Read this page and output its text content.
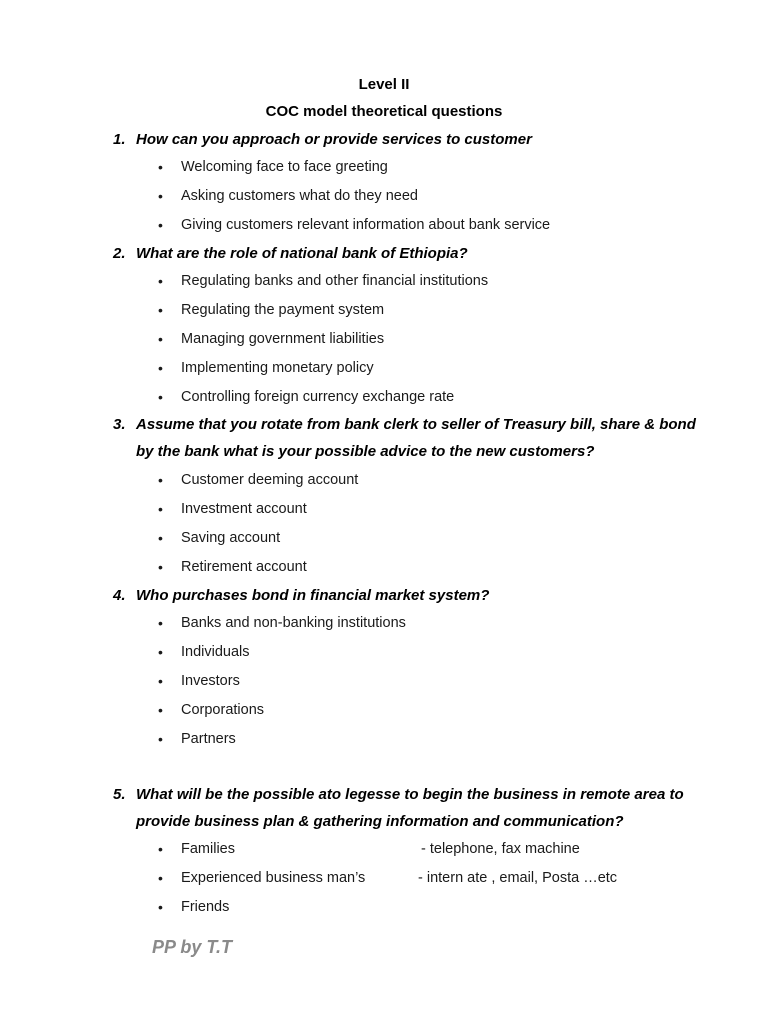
Level II
COC model theoretical questions
1. How can you approach or provide services to customer
• Welcoming face to face greeting
• Asking customers what do they need
• Giving customers relevant information about bank service
2. What are the role of national bank of Ethiopia?
• Regulating banks and other financial institutions
• Regulating the payment system
• Managing government liabilities
• Implementing monetary policy
• Controlling foreign currency exchange rate
3. Assume that you rotate from bank clerk to seller of Treasury bill, share & bond
by the bank what is your possible advice to the new customers?
• Customer deeming account
• Investment account
• Saving account
• Retirement account
4. Who purchases bond in financial market system?
• Banks and non-banking institutions
• Individuals
• Investors
• Corporations
• Partners
5. What will be the possible ato legesse to begin the business in remote area to
provide business plan & gathering information and communication?
• Families	- telephone, fax machine
• Experienced business man’s	- intern ate , email, Posta …etc
• Friends
PP by T.T
